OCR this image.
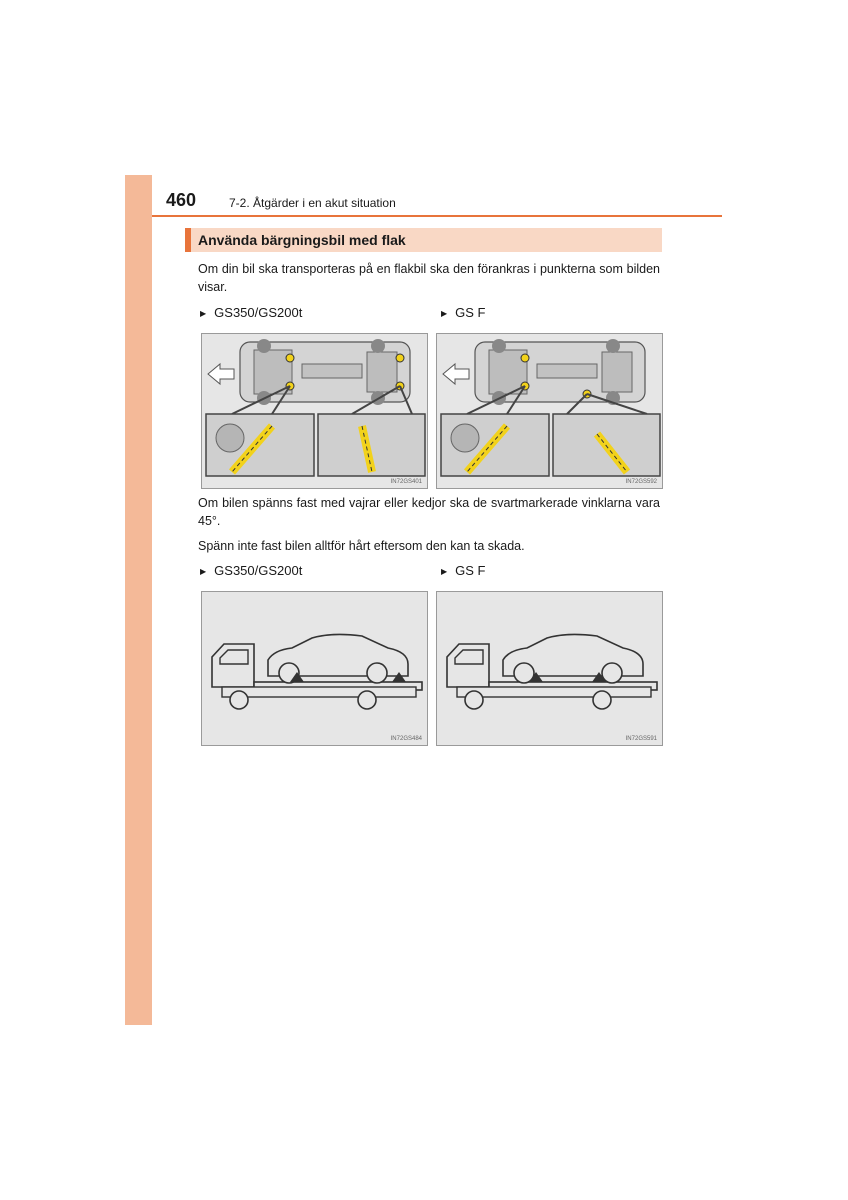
460	7-2. Åtgärder i en akut situation
Använda bärgningsbil med flak
Om din bil ska transporteras på en flakbil ska den förankras i punkterna som bilden visar.
▶ GS350/GS200t	▶ GS F
IN72GS401	IN72GS592
Om bilen spänns fast med vajrar eller kedjor ska de svartmarkerade vinklarna vara 45°.
Spänn inte fast bilen alltför hårt eftersom den kan ta skada.
▶ GS350/GS200t	▶ GS F
IN72GS484	IN72GS591
